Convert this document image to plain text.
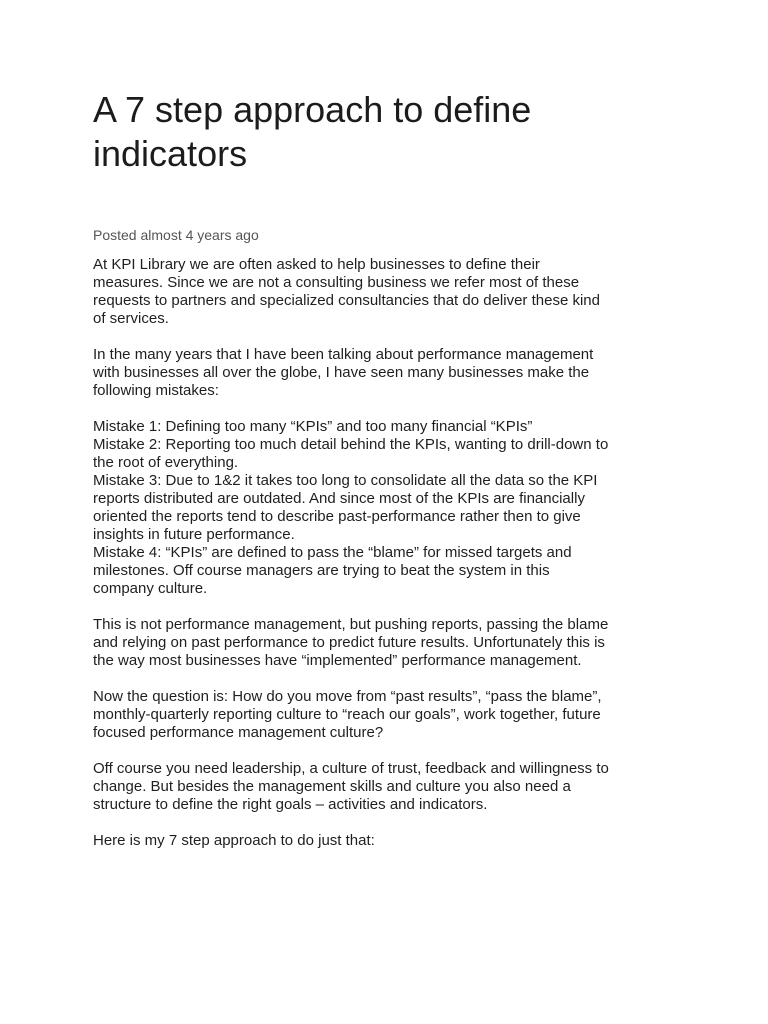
A 7 step approach to define indicators

Posted almost 4 years ago

At KPI Library we are often asked to help businesses to define their
measures. Since we are not a consulting business we refer most of these
requests to partners and specialized consultancies that do deliver these kind
of services.

In the many years that I have been talking about performance management
with businesses all over the globe, I have seen many businesses make the
following mistakes:

Mistake 1: Defining too many “KPIs” and too many financial “KPIs”
Mistake 2: Reporting too much detail behind the KPIs, wanting to drill-down to
the root of everything.
Mistake 3: Due to 1&2 it takes too long to consolidate all the data so the KPI
reports distributed are outdated. And since most of the KPIs are financially
oriented the reports tend to describe past-performance rather then to give
insights in future performance.
Mistake 4: “KPIs” are defined to pass the “blame” for missed targets and
milestones. Off course managers are trying to beat the system in this
company culture.

This is not performance management, but pushing reports, passing the blame
and relying on past performance to predict future results. Unfortunately this is
the way most businesses have “implemented” performance management.

Now the question is: How do you move from “past results”, “pass the blame”,
monthly-quarterly reporting culture to “reach our goals”, work together, future
focused performance management culture?

Off course you need leadership, a culture of trust, feedback and willingness to
change. But besides the management skills and culture you also need a
structure to define the right goals – activities and indicators.

Here is my 7 step approach to do just that:
